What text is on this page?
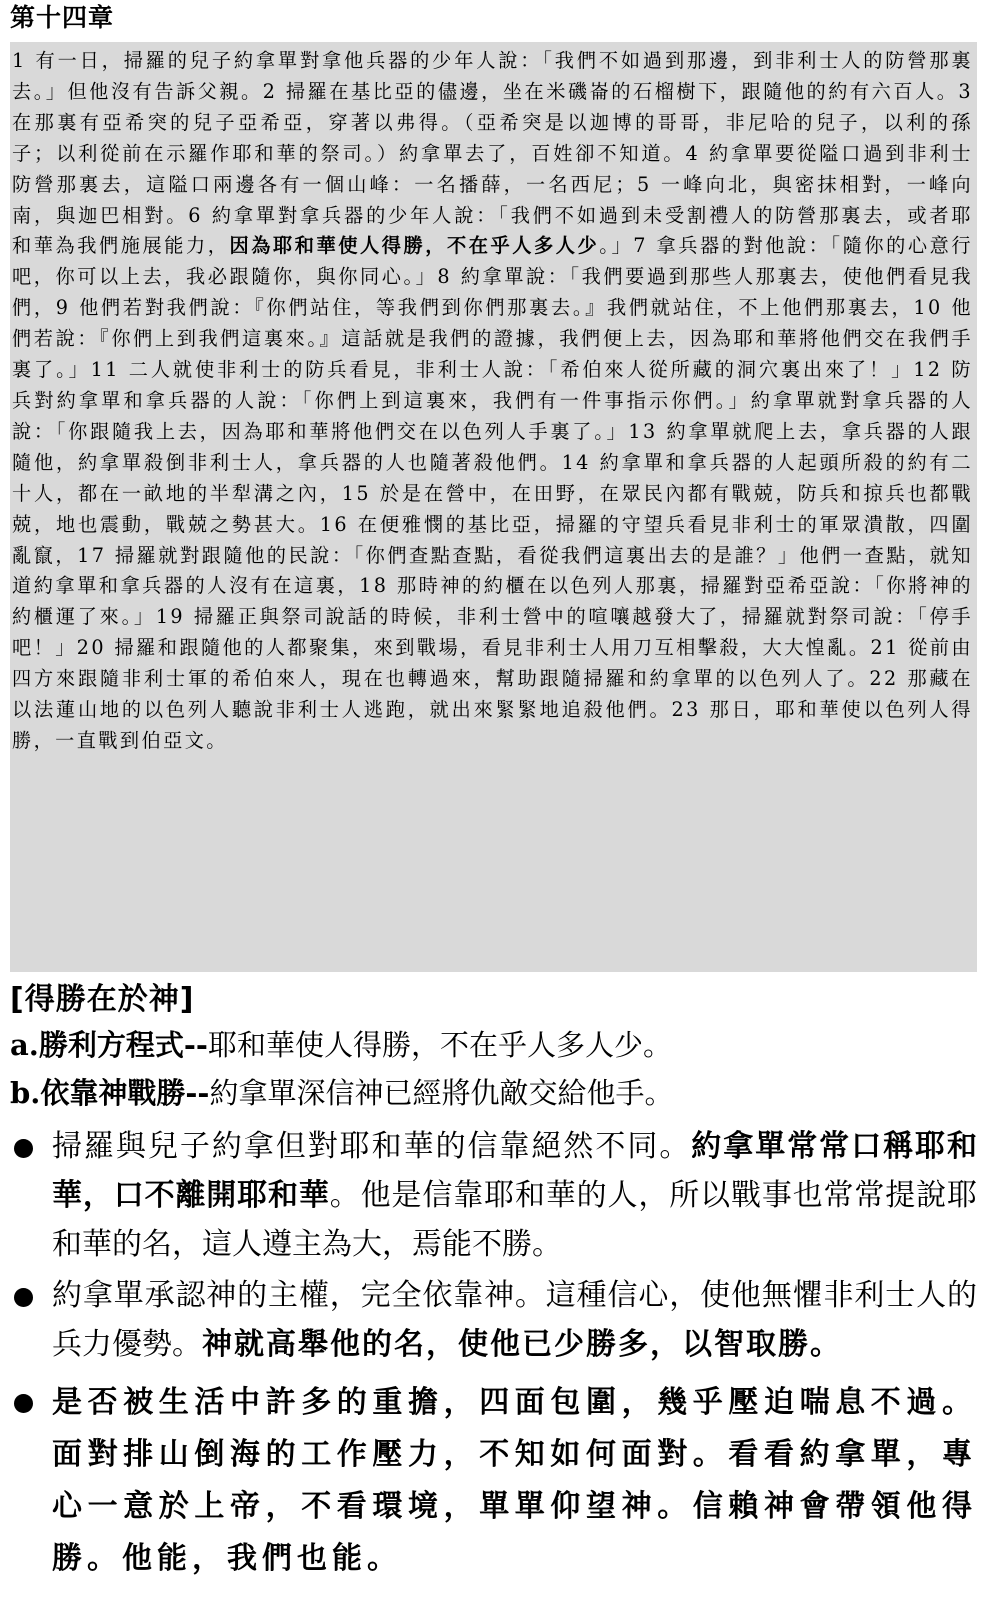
第十四章
1 有一日，掃羅的兒子約拿單對拿他兵器的少年人說：「我們不如過到那邊，到非利士人的防營那裏去。」但他沒有告訴父親。2 掃羅在基比亞的儘邊，坐在米磯崙的石榴樹下，跟隨他的約有六百人。3 在那裏有亞希突的兒子亞希亞，穿著以弗得。（亞希突是以迦博的哥哥，非尼哈的兒子，以利的孫子；以利從前在示羅作耶和華的祭司。）約拿單去了，百姓卻不知道。4 約拿單要從隘口過到非利士防營那裏去，這隘口兩邊各有一個山峰：一名播薛，一名西尼；5 一峰向北，與密抹相對，一峰向南，與迦巴相對。6 約拿單對拿兵器的少年人說：「我們不如過到未受割禮人的防營那裏去，或者耶和華為我們施展能力，因為耶和華使人得勝，不在乎人多人少。」7 拿兵器的對他說：「隨你的心意行吧，你可以上去，我必跟隨你，與你同心。」8 約拿單說：「我們要過到那些人那裏去，使他們看見我們，9 他們若對我們說：『你們站住，等我們到你們那裏去。』我們就站住，不上他們那裏去，10 他們若說：『你們上到我們這裏來。』這話就是我們的證據，我們便上去，因為耶和華將他們交在我們手裏了。」11 二人就使非利士的防兵看見，非利士人說：「希伯來人從所藏的洞穴裏出來了！」12 防兵對約拿單和拿兵器的人說：「你們上到這裏來，我們有一件事指示你們。」約拿單就對拿兵器的人說：「你跟隨我上去，因為耶和華將他們交在以色列人手裏了。」13 約拿單就爬上去，拿兵器的人跟隨他，約拿單殺倒非利士人，拿兵器的人也隨著殺他們。14 約拿單和拿兵器的人起頭所殺的約有二十人，都在一畝地的半犁溝之內，15 於是在營中，在田野，在眾民內都有戰兢，防兵和掠兵也都戰兢，地也震動，戰兢之勢甚大。16 在便雅憫的基比亞，掃羅的守望兵看見非利士的軍眾潰散，四圍亂竄，17 掃羅就對跟隨他的民說：「你們查點查點，看從我們這裏出去的是誰？」他們一查點，就知道約拿單和拿兵器的人沒有在這裏，18 那時神的約櫃在以色列人那裏，掃羅對亞希亞說：「你將神的約櫃運了來。」19 掃羅正與祭司說話的時候，非利士營中的喧嚷越發大了，掃羅就對祭司說：「停手吧！」20 掃羅和跟隨他的人都聚集，來到戰場，看見非利士人用刀互相擊殺，大大惶亂。21 從前由四方來跟隨非利士軍的希伯來人，現在也轉過來，幫助跟隨掃羅和約拿單的以色列人了。22 那藏在以法蓮山地的以色列人聽說非利士人逃跑，就出來緊緊地追殺他們。23 那日，耶和華使以色列人得勝，一直戰到伯亞文。
[得勝在於神]
a.勝利方程式--耶和華使人得勝，不在乎人多人少。
b.依靠神戰勝--約拿單深信神已經將仇敵交給他手。
掃羅與兒子約拿但對耶和華的信靠絕然不同。約拿單常常口稱耶和華，口不離開耶和華。他是信靠耶和華的人，所以戰事也常常提說耶和華的名，這人遵主為大，焉能不勝。
約拿單承認神的主權，完全依靠神。這種信心，使他無懼非利士人的兵力優勢。神就高舉他的名，使他已少勝多，以智取勝。
是否被生活中許多的重擔，四面包圍，幾乎壓迫喘息不過。面對排山倒海的工作壓力，不知如何面對。看看約拿單，專心一意於上帝，不看環境，單單仰望神。信賴神會帶領他得勝。他能，我們也能。
